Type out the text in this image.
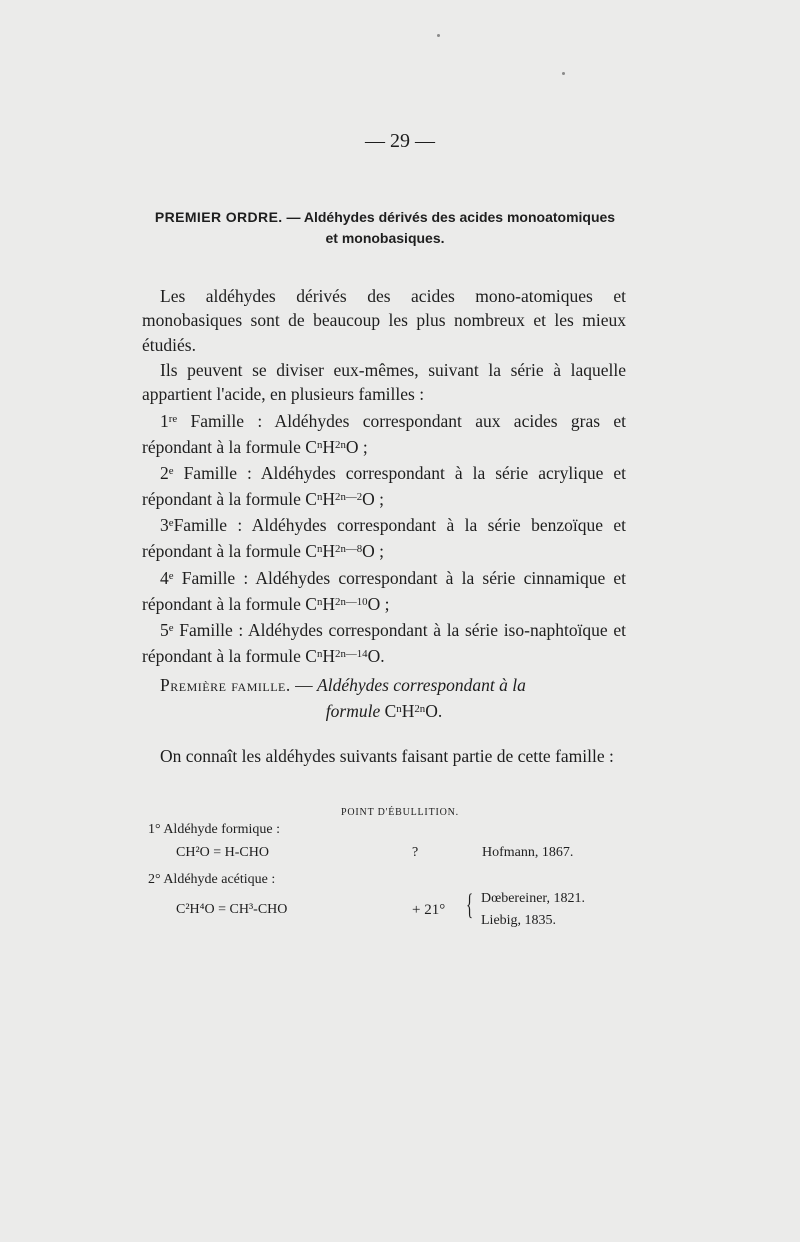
— 29 —
PREMIER ORDRE. — Aldéhydes dérivés des acides monoatomiques
et monobasiques.
Les aldéhydes dérivés des acides mono-atomiques et monobasiques sont de beaucoup les plus nombreux et les mieux étudiés.
Ils peuvent se diviser eux-mêmes, suivant la série à laquelle appartient l'acide, en plusieurs familles :
1re Famille : Aldéhydes correspondant aux acides gras et répondant à la formule $C^nH^{2n}O$ ;
2e Famille : Aldéhydes correspondant à la série acrylique et répondant à la formule $C^nH^{2n—2}O$ ;
3eFamille : Aldéhydes correspondant à la série benzoïque et répondant à la formule $C^nH^{2n—8}O$ ;
4e Famille : Aldéhydes correspondant à la série cinnamique et répondant à la formule $C^nH^{2n—10}O$ ;
5e Famille : Aldéhydes correspondant à la série iso-naphtoïque et répondant à la formule $C^nH^{2n—14}O$.
Première famille. — Aldéhydes correspondant à la
formule $C^nH^{2n}O$.
On connaît les aldéhydes suivants faisant partie de cette famille :
POINT D'ÉBULLITION.
1° Aldéhyde formique :
CH²O = H-CHO	?	Hofmann, 1867.
2° Aldéhyde acétique :
C²H⁴O = CH³-CHO	+ 21° { Dœbereiner, 1821.
Liebig, 1835.
